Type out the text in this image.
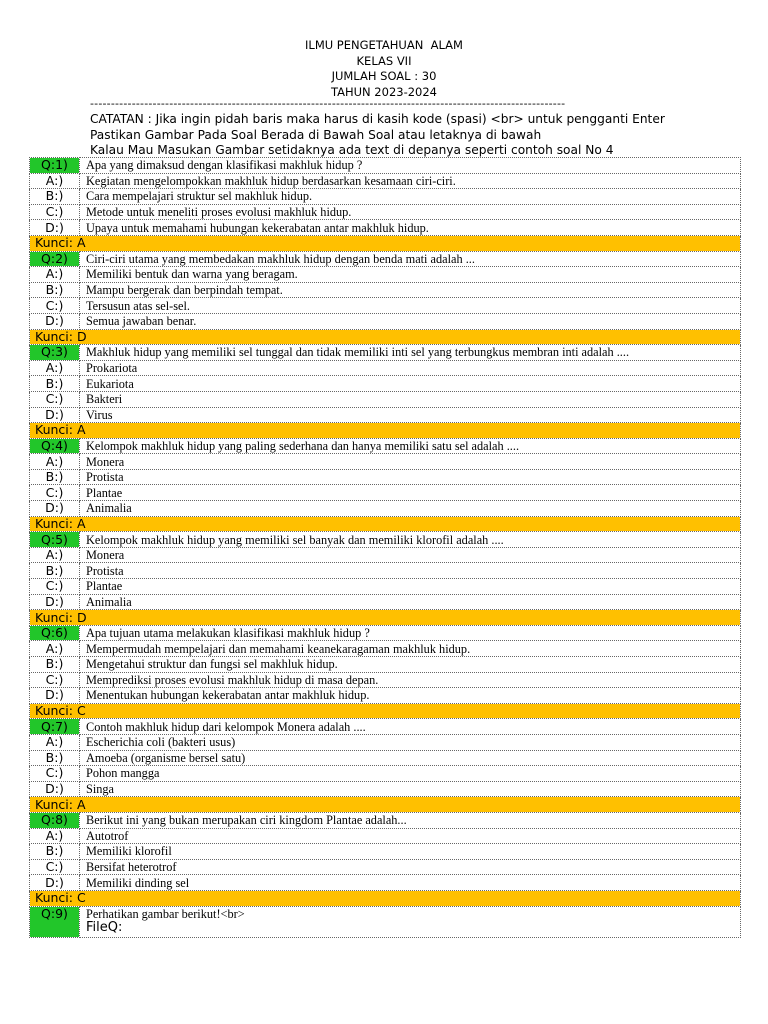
ILMU PENGETAHUAN  ALAM
KELAS VII
JUMLAH SOAL : 30
TAHUN 2023-2024
------------------------------------------------------------------------------------------------------------------
CATATAN : Jika ingin pidah baris maka harus di kasih kode (spasi) <br> untuk pengganti Enter
Pastikan Gambar Pada Soal Berada di Bawah Soal atau letaknya di bawah
Kalau Mau Masukan Gambar setidaknya ada text di depanya seperti contoh soal No 4
Q:1)	Apa yang dimaksud dengan klasifikasi makhluk hidup ?
A:)	Kegiatan mengelompokkan makhluk hidup berdasarkan kesamaan ciri-ciri.
B:)	Cara mempelajari struktur sel makhluk hidup.
C:)	Metode untuk meneliti proses evolusi makhluk hidup.
D:)	Upaya untuk memahami hubungan kekerabatan antar makhluk hidup.
Kunci: A	
Q:2)	Ciri-ciri utama yang membedakan makhluk hidup dengan benda mati adalah ...
A:)	Memiliki bentuk dan warna yang beragam.
B:)	Mampu bergerak dan berpindah tempat.
C:)	Tersusun atas sel-sel.
D:)	Semua jawaban benar.
Kunci: D	
Q:3)	Makhluk hidup yang memiliki sel tunggal dan tidak memiliki inti sel yang terbungkus membran inti adalah ....
A:)	Prokariota
B:)	Eukariota
C:)	Bakteri
D:)	Virus
Kunci: A	
Q:4)	Kelompok makhluk hidup yang paling sederhana dan hanya memiliki satu sel adalah ....
A:)	Monera
B:)	Protista
C:)	Plantae
D:)	Animalia
Kunci: A	
Q:5)	Kelompok makhluk hidup yang memiliki sel banyak dan memiliki klorofil adalah ....
A:)	Monera
B:)	Protista
C:)	Plantae
D:)	Animalia
Kunci: D	
Q:6)	Apa tujuan utama melakukan klasifikasi makhluk hidup ?
A:)	Mempermudah mempelajari dan memahami keanekaragaman makhluk hidup.
B:)	Mengetahui struktur dan fungsi sel makhluk hidup.
C:)	Memprediksi proses evolusi makhluk hidup di masa depan.
D:)	Menentukan hubungan kekerabatan antar makhluk hidup.
Kunci: C	
Q:7)	Contoh makhluk hidup dari kelompok Monera adalah ....
A:)	Escherichia coli (bakteri usus)
B:)	Amoeba (organisme bersel satu)
C:)	Pohon mangga
D:)	Singa
Kunci: A	
Q:8)	Berikut ini yang bukan merupakan ciri kingdom Plantae adalah...
A:)	Autotrof
B:)	Memiliki klorofil
C:)	Bersifat heterotrof
D:)	Memiliki dinding sel
Kunci: C	
Q:9)	Perhatikan gambar berikut!<br>
FileQ:
